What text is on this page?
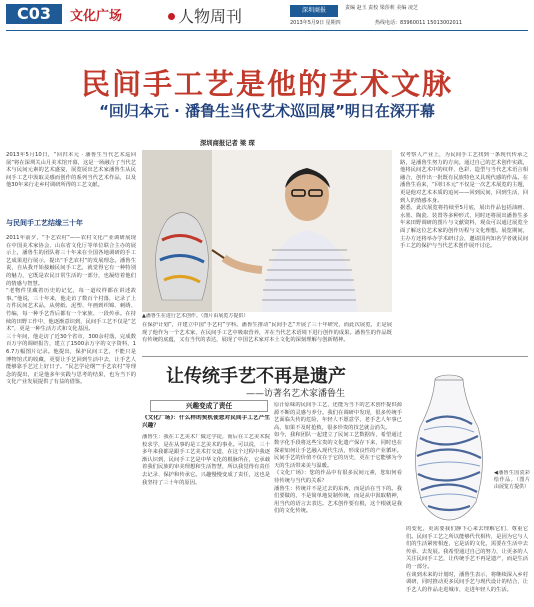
C03	文化广场	人物周刊	深圳商报	责编 赵玉 责校 梁莎莉 美编 凌芝
2013年5月9日 星期四	热线电话：83960011 15013002011
民间手工艺是他的艺术文脉
“回归本元 · 潘鲁生当代艺术巡回展”明日在深开幕
深圳商报记者 梁 琛
2013年5月10日，“回归本元 · 潘鲁生当代艺术巡回展”将在深圳关山月美术馆开幕，这是一场融合了当代艺术与民间元素的艺术盛宴，展览展出艺术家潘鲁生从民间手工艺中汲取灵感而创作的系列当代艺术作品，以及他30年来行走乡村调研所得的工艺文献。
与民间手工艺结缘三十年
2011年前夕，“手艺农村”——农村文化产业调研展现在中国美术家协会、山东省文化厅等单位联合主办的展示上，潘鲁生的团队将三十年来在全国各地调研的手工艺成果进行展示，提出“手艺农村”的发展理念。潘鲁生说，自从我开始接触民间手工艺，就觉得它有一种特别的魅力，它既是农民日常生活的一部分，也凝结着他们的情感与智慧。
“老物件里藏着历史的记忆，每一道纹样都在讲述故事。”他说，三十年来，他走访了数百个村落，记录了上万件民间艺术品，从剪纸、泥塑、年画到织锦、刺绣、竹编，每一种手艺背后都有一个家族、一段传承。在持续的田野工作中，他逐渐意识到，民间手工艺不仅是“艺术”，更是一种生活方式和文化基因。
三十年间，他走访了近30个省市，300余村落，完成数百万字的调研报告，建立了1500余万字的文字资料，16.7万幅图片记录。他提出，保护民间工艺，不能只是博物馆式的收藏，更要让手艺回到生活中去，让手艺人能够靠手艺过上好日子。“民艺学论纲”“手艺农村”等理念的提出，正是他多年实践与思考的结果，也为当下的文化产业发展提供了有益的借鉴。
▲潘鲁生在进行艺术创作。（图片由展览方提供）
在保护计划”，并建立中国“手艺村”学科。潘鲁生推动“民间手艺”开展了三十年研究，而此次展览，正是展现了他作为一个艺术家，在民间手工艺中吸取营养，并在当代艺术语境下进行创作的成果。潘鲁生的作品既有传统的底蕴，又有当代的表达，展现了中国艺术家对本土文化的深刻理解与创新精神。
仅考察人产业上，为民间手工艺找到一条现代传承之路，是潘鲁生努力的方向。通过自己的艺术创作实践，他将民间艺术中的纹样、色彩、造型与当代艺术语言相融合，创作出一批既有民族特色又具现代感的作品。在潘鲁生看来，“回归本元”不仅是一次艺术展览的主题，更是他对艺术本质的追问——回到民间，回到生活，回到人的情感本身。
据悉，此次展览将持续至5月底，展出作品包括油画、水墨、陶瓷、装置等多种形式，同时还将展出潘鲁生多年来田野调研的图片与文献资料，观众可以通过展览全面了解这位艺术家的创作历程与文化理想。展览期间，主办方还将举办学术研讨会，邀请国内知名学者就民间手工艺的保护与当代艺术创作展开讨论。
让传统手艺不再是遗产
——访著名艺术家潘鲁生
兴趣变成了责任
《文化广场》：什么样的契机使您对民间手工艺产生兴趣？
潘鲁生：我在工艺美术厂做过学徒，而后在工艺美术院校求学，是在从事的是工艺美术的事业。可以说，三十多年来我都是跟手工艺美术打交道，在这个过程中我逐渐认识到，民间手工艺是中华文化的根脉所在，它承载着我们民族的审美理想和生活智慧，所以我觉得有责任去记录、保护和传承它。兴趣慢慢变成了责任，这也是我坚持了三十年的原因。
原汁原味的民间手工艺，还能为当下的艺术创作提供源源不断的灵感与养分。我们在调研中发现，很多传统手艺面临失传的危险，年轻人不愿意学，老手艺人年事已高，如果不及时抢救，很多珍贵的技艺就会消失。
如今，我和团队一起建立了民间工艺数据库，希望通过数字化手段将这些宝贵的文化遗产保存下来，同时也在探索如何让手艺融入现代生活，形成良性的产业循环。民间手艺的价值不仅在于它的历史，更在于它能够为今天的生活带来美与温暖。
《文化广场》：您的作品中有很多民间元素，您如何看待传统与当代的关系？
潘鲁生：传统并不是过去的东西，而是活在当下的。我们要做的，不是简单地复制传统，而是从中汲取精神，用当代的语言去表达。艺术创作要有根，这个根就是我们的文化传统。
◀潘鲁生国瓷彩绘作品。（图片由展览方提供）
的变化，更需要我们静下心来去理解它们、尊重它们。民间手工艺之所以能够代代相传，是因为它与人们的生活紧密相连，它是活的文化，需要在生活中去传承、去发展。我希望通过自己的努力，让更多的人关注民间手工艺，让传统手艺不再是遗产，而是生活的一部分。
在谈到未来的计划时，潘鲁生表示，将继续深入乡村调研，同时推动更多民间手艺与现代设计的结合，让手艺人的作品走进城市，走进年轻人的生活。
